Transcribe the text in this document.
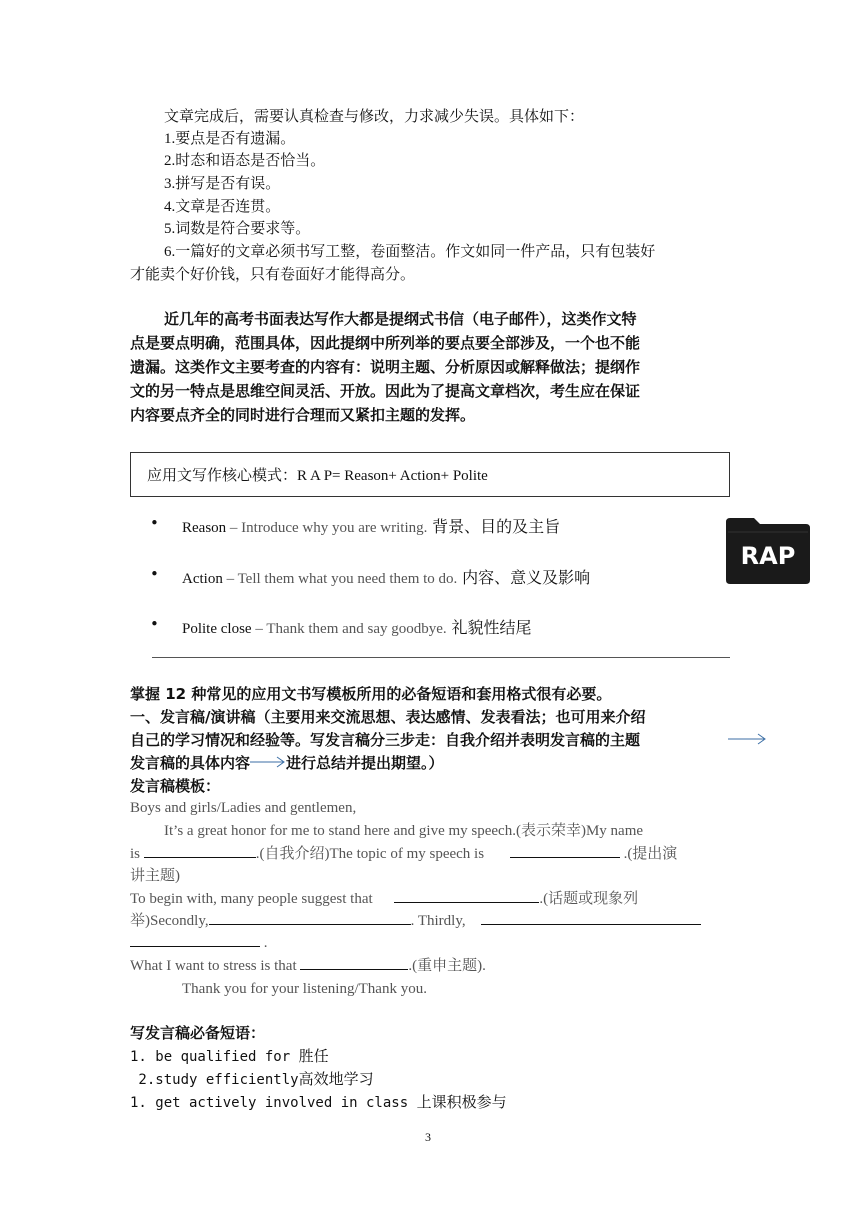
文章完成后，需要认真检查与修改，力求减少失误。具体如下：
1.要点是否有遗漏。
2.时态和语态是否恰当。
3.拼写是否有误。
4.文章是否连贯。
5.词数是符合要求等。
6.一篇好的文章必须书写工整，卷面整洁。作文如同一件产品，只有包装好
才能卖个好价钱，只有卷面好才能得高分。
近几年的高考书面表达写作大都是提纲式书信（电子邮件），这类作文特
点是要点明确，范围具体，因此提纲中所列举的要点要全部涉及，一个也不能
遗漏。这类作文主要考查的内容有：说明主题、分析原因或解释做法；提纲作
文的另一特点是思维空间灵活、开放。因此为了提高文章档次，考生应在保证
内容要点齐全的同时进行合理而又紧扣主题的发挥。
应用文写作核心模式：R A P= Reason+ Action+ Polite
• Reason – Introduce why you are writing. 背景、目的及主旨
• Action – Tell them what you need them to do. 内容、意义及影响
• Polite close – Thank them and say goodbye. 礼貌性结尾
RAP
掌握 12 种常见的应用文书写模板所用的必备短语和套用格式很有必要。
一、发言稿/演讲稿（主要用来交流思想、表达感情、发表看法；也可用来介绍
自己的学习情况和经验等。写发言稿分三步走：自我介绍并表明发言稿的主题
发言稿的具体内容 进行总结并提出期望。）
发言稿模板：
Boys and girls/Ladies and gentlemen,
It’s a great honor for me to stand here and give my speech.(表示荣幸)My name
is	.(自我介绍)The topic of my speech is	.(提出演
讲主题)
To begin with, many people suggest that	.(话题或现象列
举)Secondly,	. Thirdly,
.
What I want to stress is that	.(重申主题).
Thank you for your listening/Thank you.
写发言稿必备短语：
1. be qualified for 胜任
2.study efficiently高效地学习
1. get actively involved in class 上课积极参与
3
